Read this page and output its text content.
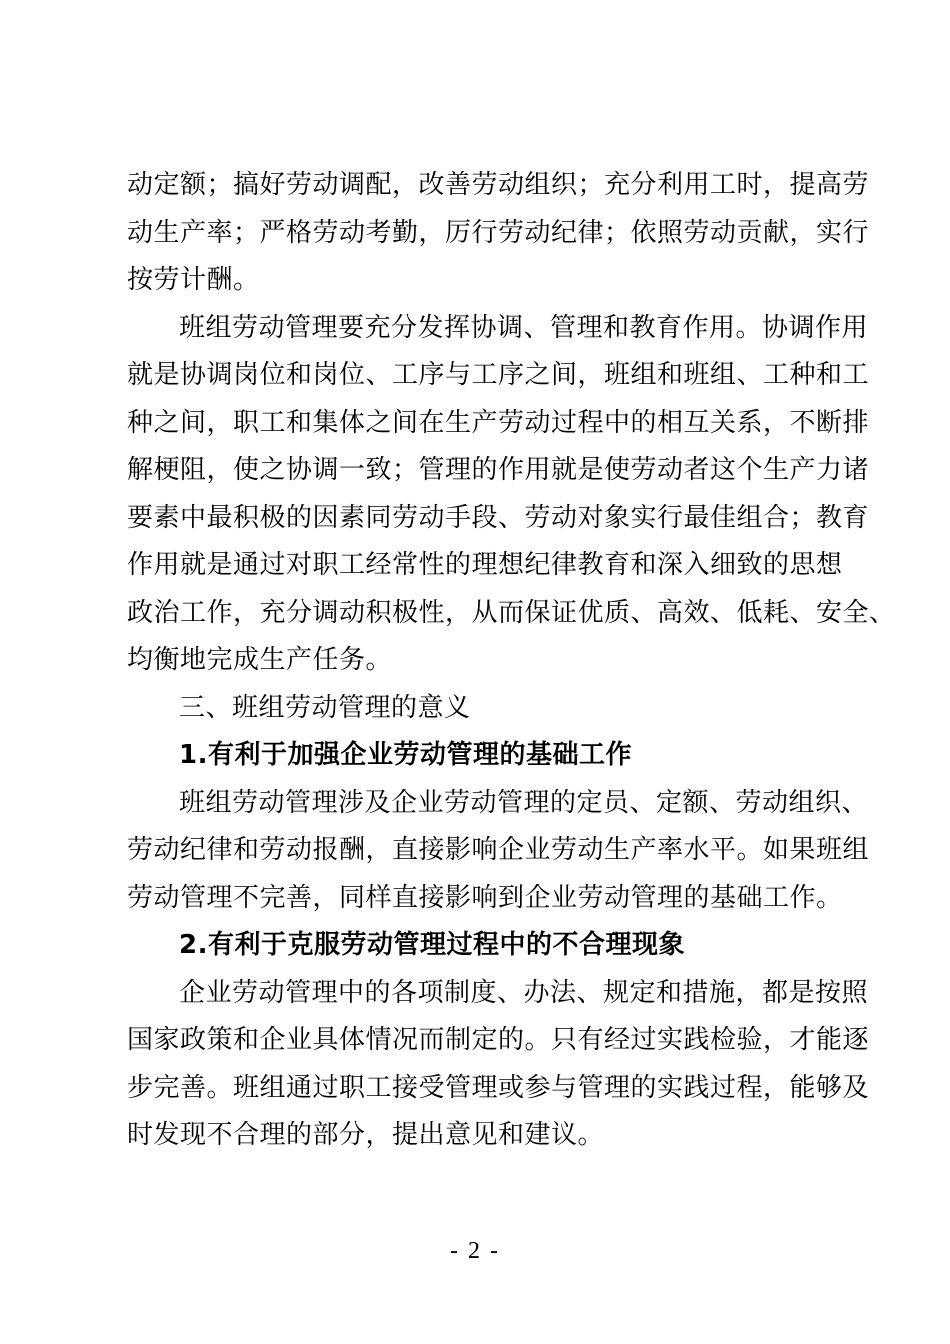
动定额；搞好劳动调配，改善劳动组织；充分利用工时，提高劳
动生产率；严格劳动考勤，厉行劳动纪律；依照劳动贡献，实行
按劳计酬。
班组劳动管理要充分发挥协调、管理和教育作用。协调作用
就是协调岗位和岗位、工序与工序之间，班组和班组、工种和工
种之间，职工和集体之间在生产劳动过程中的相互关系，不断排
解梗阻，使之协调一致；管理的作用就是使劳动者这个生产力诸
要素中最积极的因素同劳动手段、劳动对象实行最佳组合；教育
作用就是通过对职工经常性的理想纪律教育和深入细致的思想
政治工作，充分调动积极性，从而保证优质、高效、低耗、安全、
均衡地完成生产任务。
三、班组劳动管理的意义
1.有利于加强企业劳动管理的基础工作
班组劳动管理涉及企业劳动管理的定员、定额、劳动组织、
劳动纪律和劳动报酬，直接影响企业劳动生产率水平。如果班组
劳动管理不完善，同样直接影响到企业劳动管理的基础工作。
2.有利于克服劳动管理过程中的不合理现象
企业劳动管理中的各项制度、办法、规定和措施，都是按照
国家政策和企业具体情况而制定的。只有经过实践检验，才能逐
步完善。班组通过职工接受管理或参与管理的实践过程，能够及
时发现不合理的部分，提出意见和建议。
- 2 -
